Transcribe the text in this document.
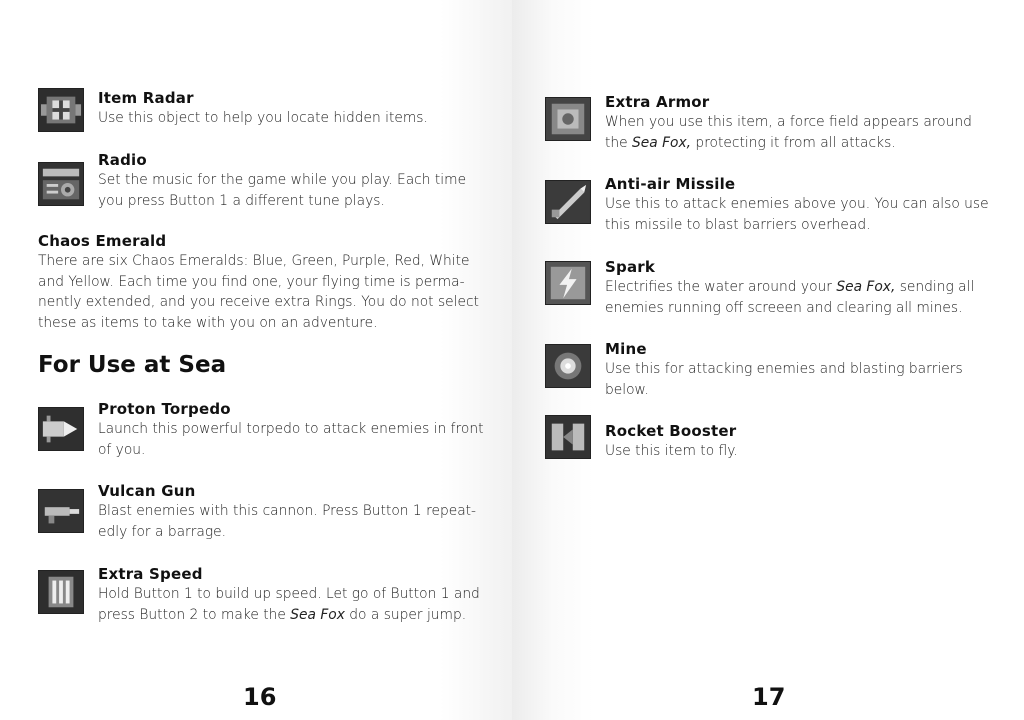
Item Radar
Use this object to help you locate hidden items.
Radio
Set the music for the game while you play. Each time
you press Button 1 a different tune plays.
Chaos Emerald
There are six Chaos Emeralds: Blue, Green, Purple, Red, White
and Yellow. Each time you find one, your flying time is perma-
nently extended, and you receive extra Rings. You do not select
these as items to take with you on an adventure.
For Use at Sea
Proton Torpedo
Launch this powerful torpedo to attack enemies in front
of you.
Vulcan Gun
Blast enemies with this cannon. Press Button 1 repeat-
edly for a barrage.
Extra Speed
Hold Button 1 to build up speed. Let go of Button 1 and
press Button 2 to make the Sea Fox do a super jump.
16
Extra Armor
When you use this item, a force field appears around
the Sea Fox, protecting it from all attacks.
Anti-air Missile
Use this to attack enemies above you. You can also use
this missile to blast barriers overhead.
Spark
Electrifies the water around your Sea Fox, sending all
enemies running off screeen and clearing all mines.
Mine
Use this for attacking enemies and blasting barriers
below.
Rocket Booster
Use this item to fly.
17
